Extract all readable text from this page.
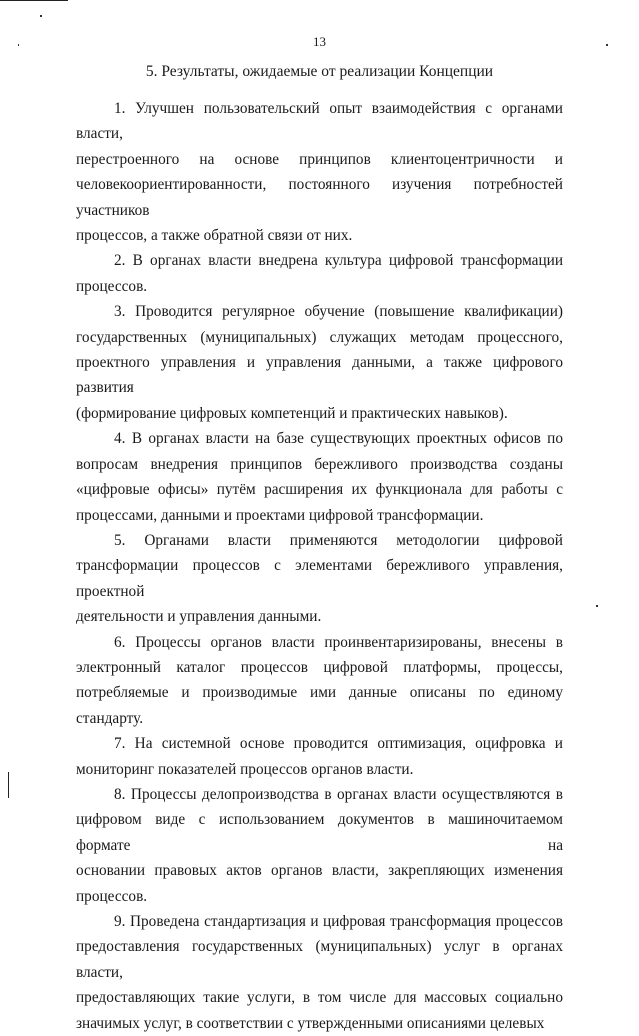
13
5. Результаты, ожидаемые от реализации Концепции
1. Улучшен пользовательский опыт взаимодействия с органами власти,
перестроенного на основе принципов клиентоцентричности и
человекоориентированности, постоянного изучения потребностей участников
процессов, а также обратной связи от них.
2. В органах власти внедрена культура цифровой трансформации
процессов.
3. Проводится регулярное обучение (повышение квалификации)
государственных (муниципальных) служащих методам процессного,
проектного управления и управления данными, а также цифрового развития
(формирование цифровых компетенций и практических навыков).
4. В органах власти на базе существующих проектных офисов по
вопросам внедрения принципов бережливого производства созданы
«цифровые офисы» путём расширения их функционала для работы с
процессами, данными и проектами цифровой трансформации.
5. Органами власти применяются методологии цифровой
трансформации процессов с элементами бережливого управления, проектной
деятельности и управления данными.
6. Процессы органов власти проинвентаризированы, внесены в
электронный каталог процессов цифровой платформы, процессы,
потребляемые и производимые ими данные описаны по единому стандарту.
7. На системной основе проводится оптимизация, оцифровка и
мониторинг показателей процессов органов власти.
8. Процессы делопроизводства в органах власти осуществляются в
цифровом виде с использованием документов в машиночитаемом формате на
основании правовых актов органов власти, закрепляющих изменения
процессов.
9. Проведена стандартизация и цифровая трансформация процессов
предоставления государственных (муниципальных) услуг в органах власти,
предоставляющих такие услуги, в том числе для массовых социально
значимых услуг, в соответствии с утвержденными описаниями целевых
